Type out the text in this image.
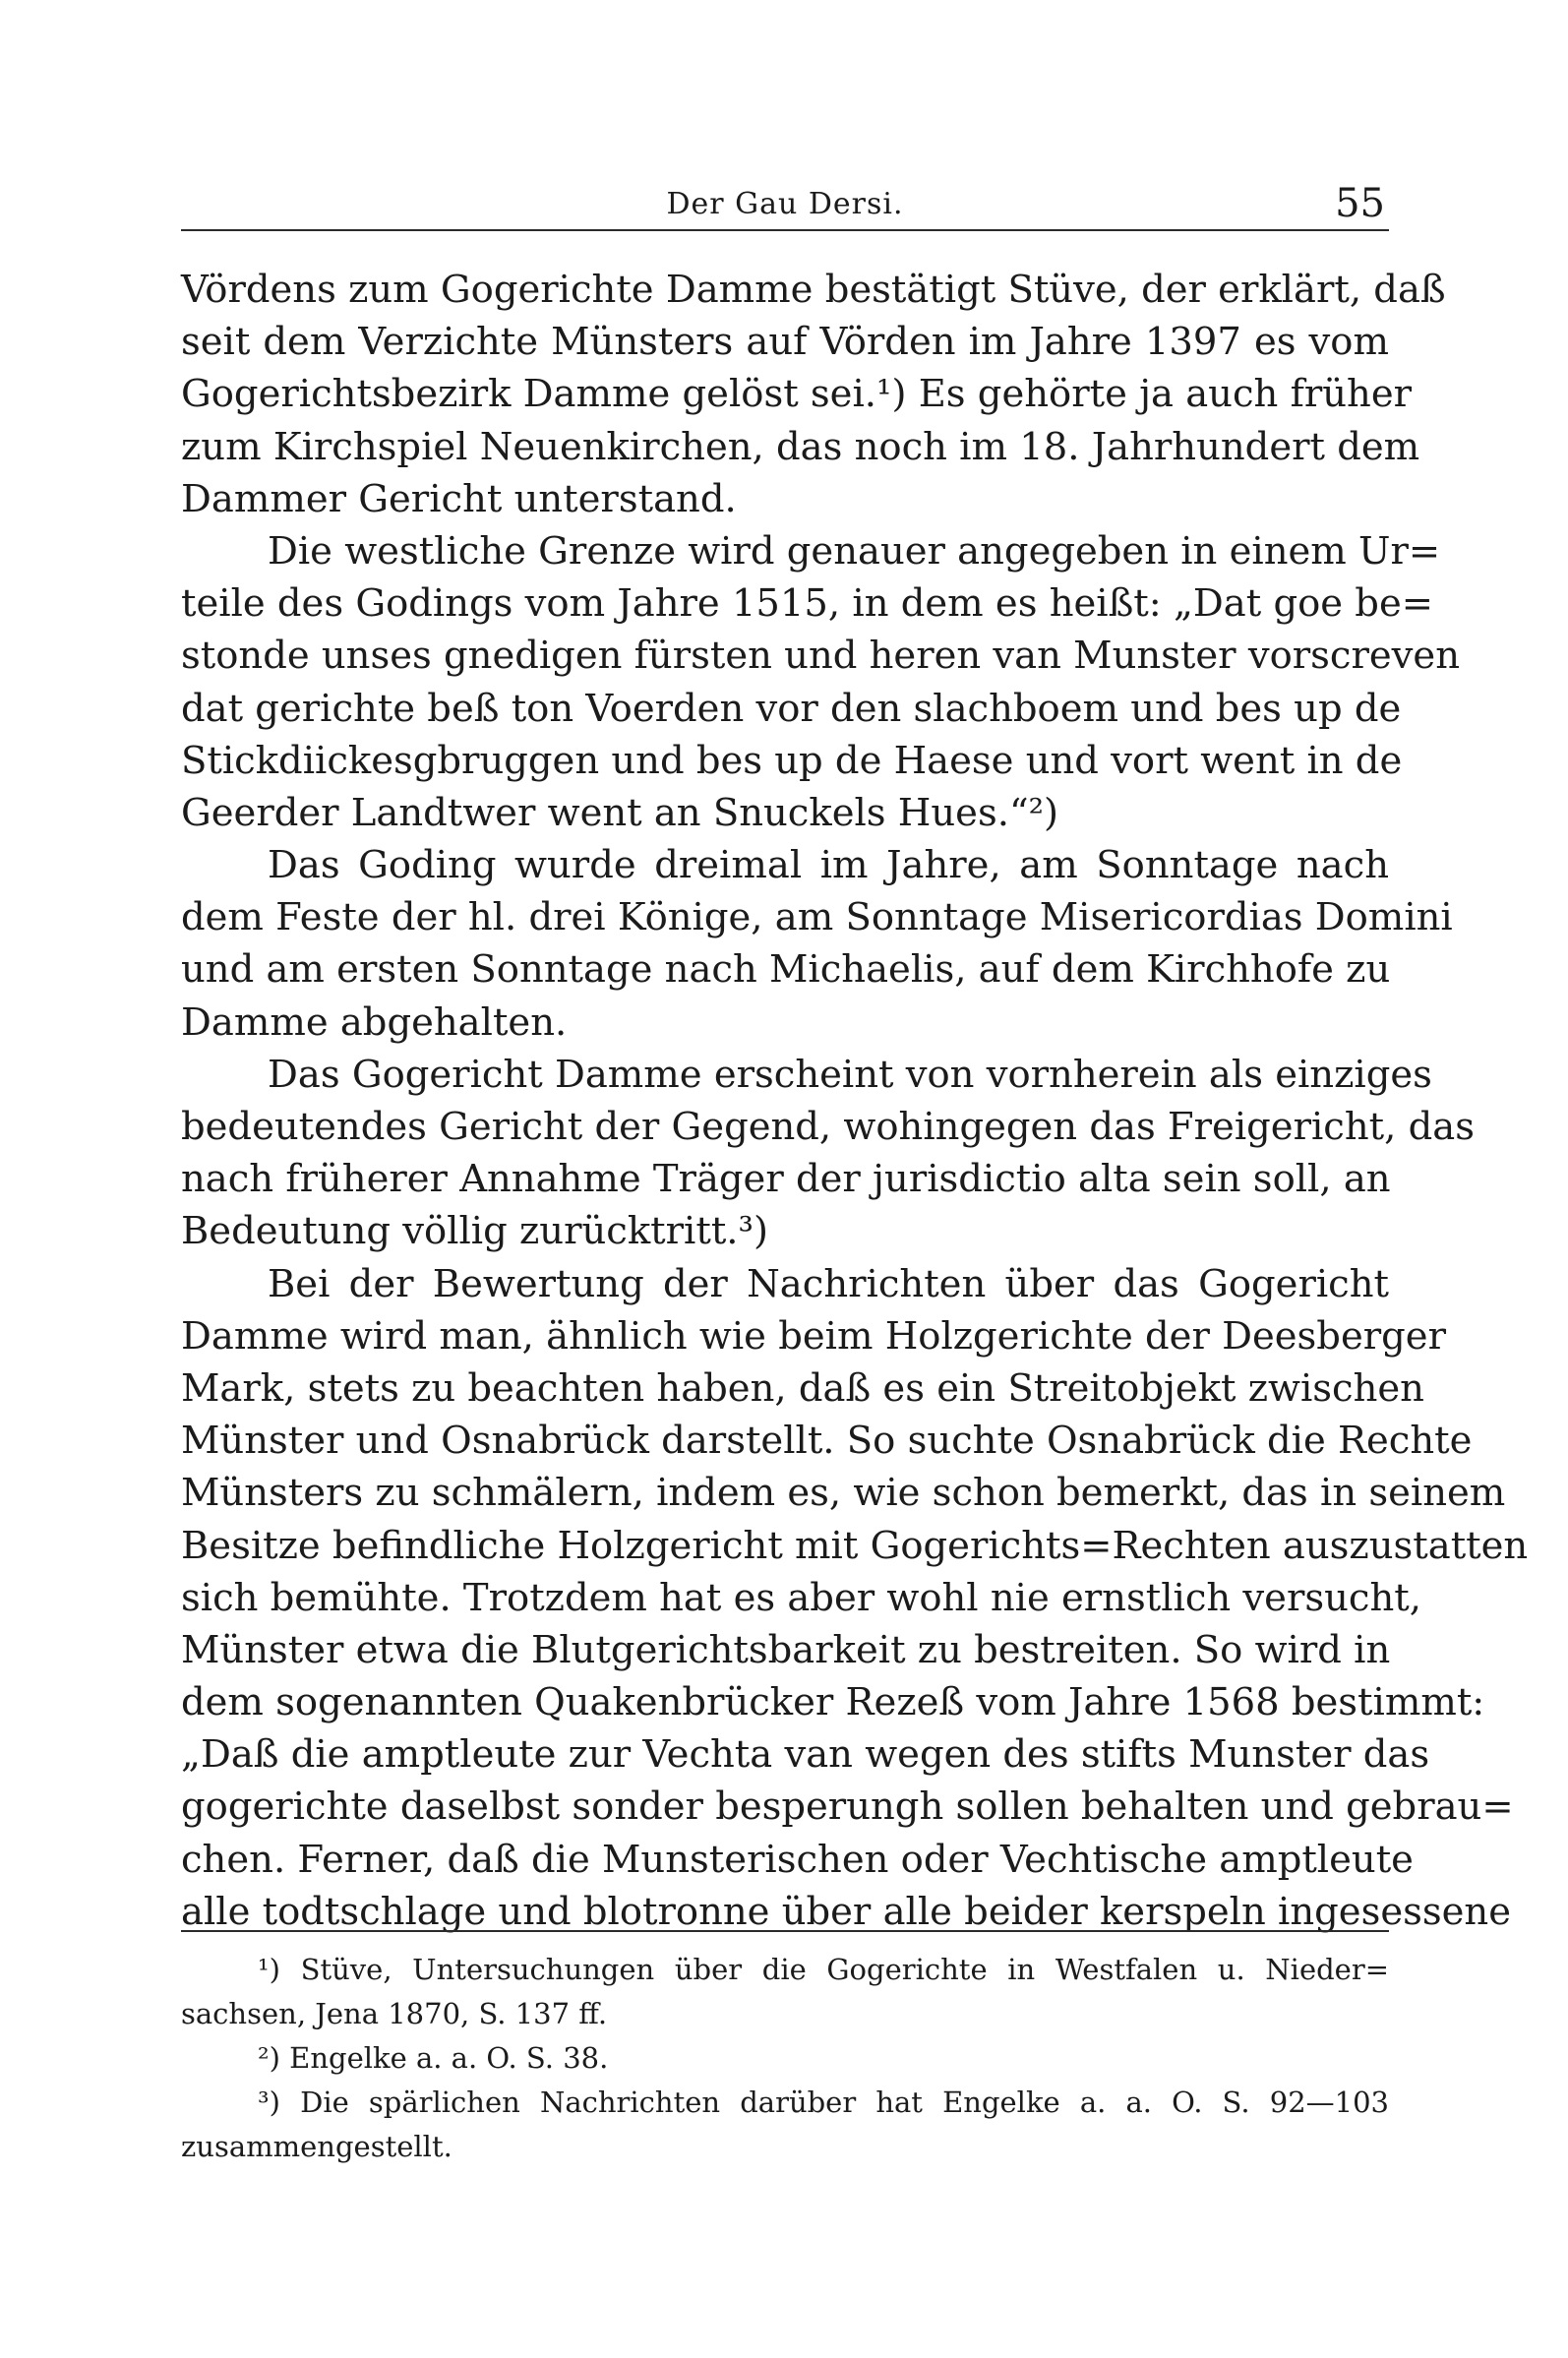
Der Gau Dersi.	55
Vördens zum Gogerichte Damme bestätigt Stüve, der erklärt, daß
seit dem Verzichte Münsters auf Vörden im Jahre 1397 es vom
Gogerichtsbezirk Damme gelöst sei.¹) Es gehörte ja auch früher
zum Kirchspiel Neuenkirchen, das noch im 18. Jahrhundert dem
Dammer Gericht unterstand.
Die westliche Grenze wird genauer angegeben in einem Ur=
teile des Godings vom Jahre 1515, in dem es heißt: „Dat goe be=
stonde unses gnedigen fürsten und heren van Munster vorscreven
dat gerichte beß ton Voerden vor den slachboem und bes up de
Stickdiickesgbruggen und bes up de Haese und vort went in de
Geerder Landtwer went an Snuckels Hues.“²)
Das Goding wurde dreimal im Jahre, am Sonntage nach
dem Feste der hl. drei Könige, am Sonntage Misericordias Domini
und am ersten Sonntage nach Michaelis, auf dem Kirchhofe zu
Damme abgehalten.
Das Gogericht Damme erscheint von vornherein als einziges
bedeutendes Gericht der Gegend, wohingegen das Freigericht, das
nach früherer Annahme Träger der jurisdictio alta sein soll, an
Bedeutung völlig zurücktritt.³)
Bei der Bewertung der Nachrichten über das Gogericht
Damme wird man, ähnlich wie beim Holzgerichte der Deesberger
Mark, stets zu beachten haben, daß es ein Streitobjekt zwischen
Münster und Osnabrück darstellt. So suchte Osnabrück die Rechte
Münsters zu schmälern, indem es, wie schon bemerkt, das in seinem
Besitze befindliche Holzgericht mit Gogerichts=Rechten auszustatten
sich bemühte. Trotzdem hat es aber wohl nie ernstlich versucht,
Münster etwa die Blutgerichtsbarkeit zu bestreiten. So wird in
dem sogenannten Quakenbrücker Rezeß vom Jahre 1568 bestimmt:
„Daß die amptleute zur Vechta van wegen des stifts Munster das
gogerichte daselbst sonder besperungh sollen behalten und gebrau=
chen. Ferner, daß die Munsterischen oder Vechtische amptleute
alle todtschlage und blotronne über alle beider kerspeln ingesessene
¹) Stüve, Untersuchungen über die Gogerichte in Westfalen u. Nieder=
sachsen, Jena 1870, S. 137 ff.
²) Engelke a. a. O. S. 38.
³) Die spärlichen Nachrichten darüber hat Engelke a. a. O. S. 92—103
zusammengestellt.
